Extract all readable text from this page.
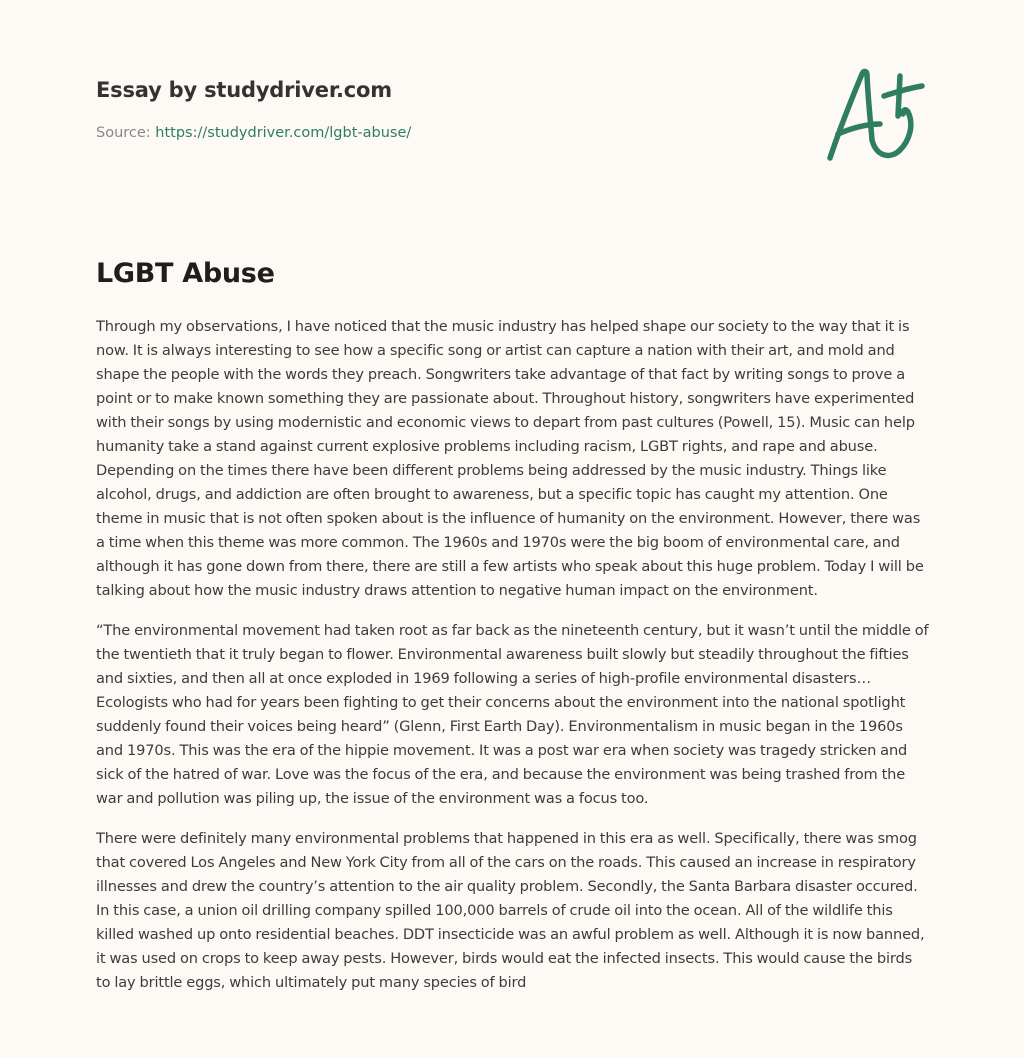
Essay by studydriver.com
Source: https://studydriver.com/lgbt-abuse/
LGBT Abuse

Through my observations, I have noticed that the music industry has helped shape our society to the way that it is now. It is always interesting to see how a specific song or artist can capture a nation with their art, and mold and shape the people with the words they preach. Songwriters take advantage of that fact by writing songs to prove a point or to make known something they are passionate about. Throughout history, songwriters have experimented with their songs by using modernistic and economic views to depart from past cultures (Powell, 15). Music can help humanity take a stand against current explosive problems including racism, LGBT rights, and rape and abuse. Depending on the times there have been different problems being addressed by the music industry. Things like alcohol, drugs, and addiction are often brought to awareness, but a specific topic has caught my attention. One theme in music that is not often spoken about is the influence of humanity on the environment. However, there was a time when this theme was more common. The 1960s and 1970s were the big boom of environmental care, and although it has gone down from there, there are still a few artists who speak about this huge problem. Today I will be talking about how the music industry draws attention to negative human impact on the environment.

“The environmental movement had taken root as far back as the nineteenth century, but it wasn’t until the middle of the twentieth that it truly began to flower. Environmental awareness built slowly but steadily throughout the fifties and sixties, and then all at once exploded in 1969 following a series of high-profile environmental disasters… Ecologists who had for years been fighting to get their concerns about the environment into the national spotlight suddenly found their voices being heard” (Glenn, First Earth Day). Environmentalism in music began in the 1960s and 1970s. This was the era of the hippie movement. It was a post war era when society was tragedy stricken and sick of the hatred of war. Love was the focus of the era, and because the environment was being trashed from the war and pollution was piling up, the issue of the environment was a focus too.

There were definitely many environmental problems that happened in this era as well. Specifically, there was smog that covered Los Angeles and New York City from all of the cars on the roads. This caused an increase in respiratory illnesses and drew the country’s attention to the air quality problem. Secondly, the Santa Barbara disaster occured. In this case, a union oil drilling company spilled 100,000 barrels of crude oil into the ocean. All of the wildlife this killed washed up onto residential beaches. DDT insecticide was an awful problem as well. Although it is now banned, it was used on crops to keep away pests. However, birds would eat the infected insects. This would cause the birds to lay brittle eggs, which ultimately put many species of bird
